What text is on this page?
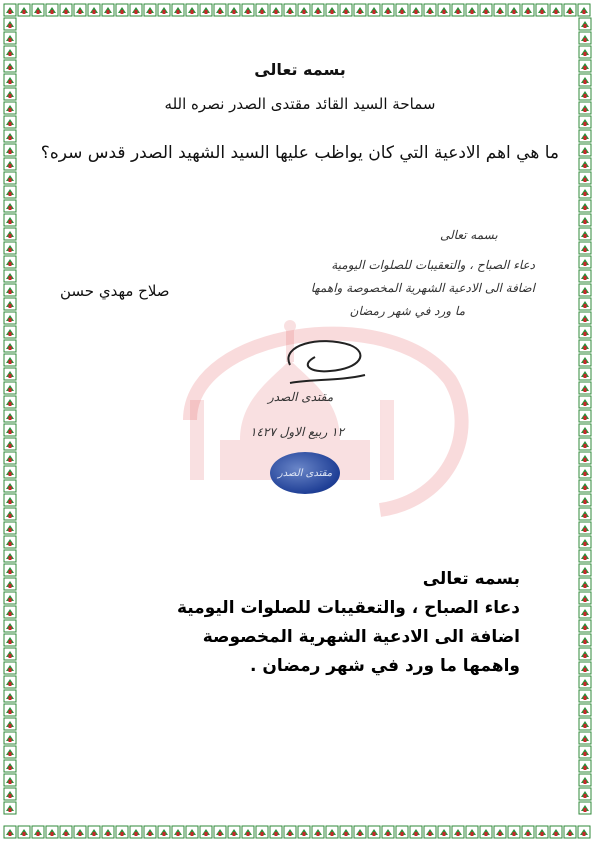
بسمه تعالى
سماحة السيد القائد مقتدى الصدر نصره الله
ما هي اهم الادعية التي كان يواظب عليها السيد الشهيد الصدر قدس سره؟
صلاح مهدي حسن
بسمه تعالى
دعاء الصباح ، والتعقيبات للصلوات اليومية
اضافة الى الادعية الشهرية المخصوصة واهمها
ما ورد في شهر رمضان
مقتدى الصدر
١٢ ربيع الاول ١٤٢٧
مقتدى الصدر
بسمه تعالى
دعاء الصباح ، والتعقيبات للصلوات اليومية
اضافة الى الادعية الشهرية المخصوصة
واهمها ما ورد في شهر رمضان .
